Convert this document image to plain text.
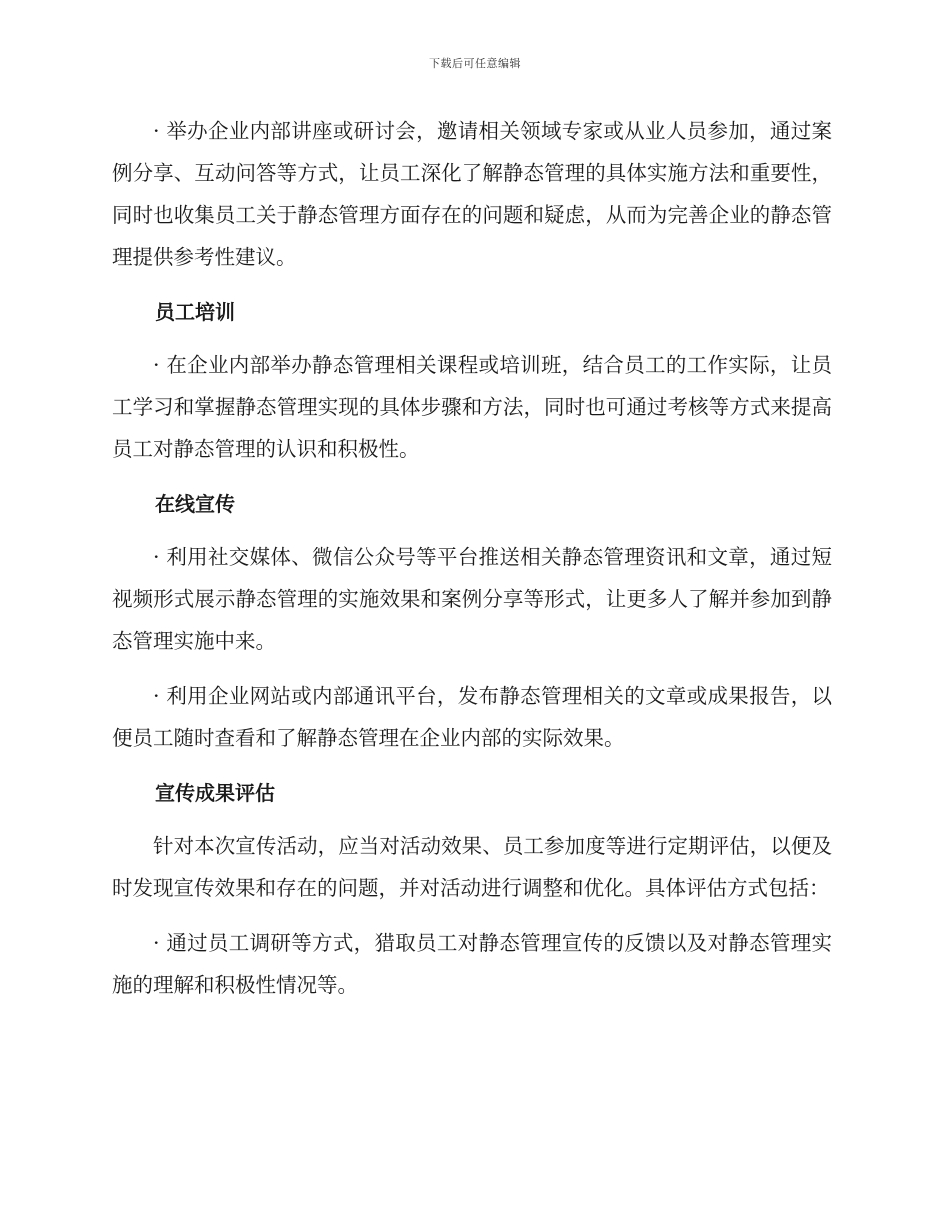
下载后可任意编辑

· 举办企业内部讲座或研讨会，邀请相关领域专家或从业人员参加，通过案例分享、互动问答等方式，让员工深化了解静态管理的具体实施方法和重要性，同时也收集员工关于静态管理方面存在的问题和疑虑，从而为完善企业的静态管理提供参考性建议。

员工培训

· 在企业内部举办静态管理相关课程或培训班，结合员工的工作实际，让员工学习和掌握静态管理实现的具体步骤和方法，同时也可通过考核等方式来提高员工对静态管理的认识和积极性。

在线宣传

· 利用社交媒体、微信公众号等平台推送相关静态管理资讯和文章，通过短视频形式展示静态管理的实施效果和案例分享等形式，让更多人了解并参加到静态管理实施中来。

· 利用企业网站或内部通讯平台，发布静态管理相关的文章或成果报告，以便员工随时查看和了解静态管理在企业内部的实际效果。

宣传成果评估

针对本次宣传活动，应当对活动效果、员工参加度等进行定期评估，以便及时发现宣传效果和存在的问题，并对活动进行调整和优化。具体评估方式包括：

· 通过员工调研等方式，猎取员工对静态管理宣传的反馈以及对静态管理实施的理解和积极性情况等。
